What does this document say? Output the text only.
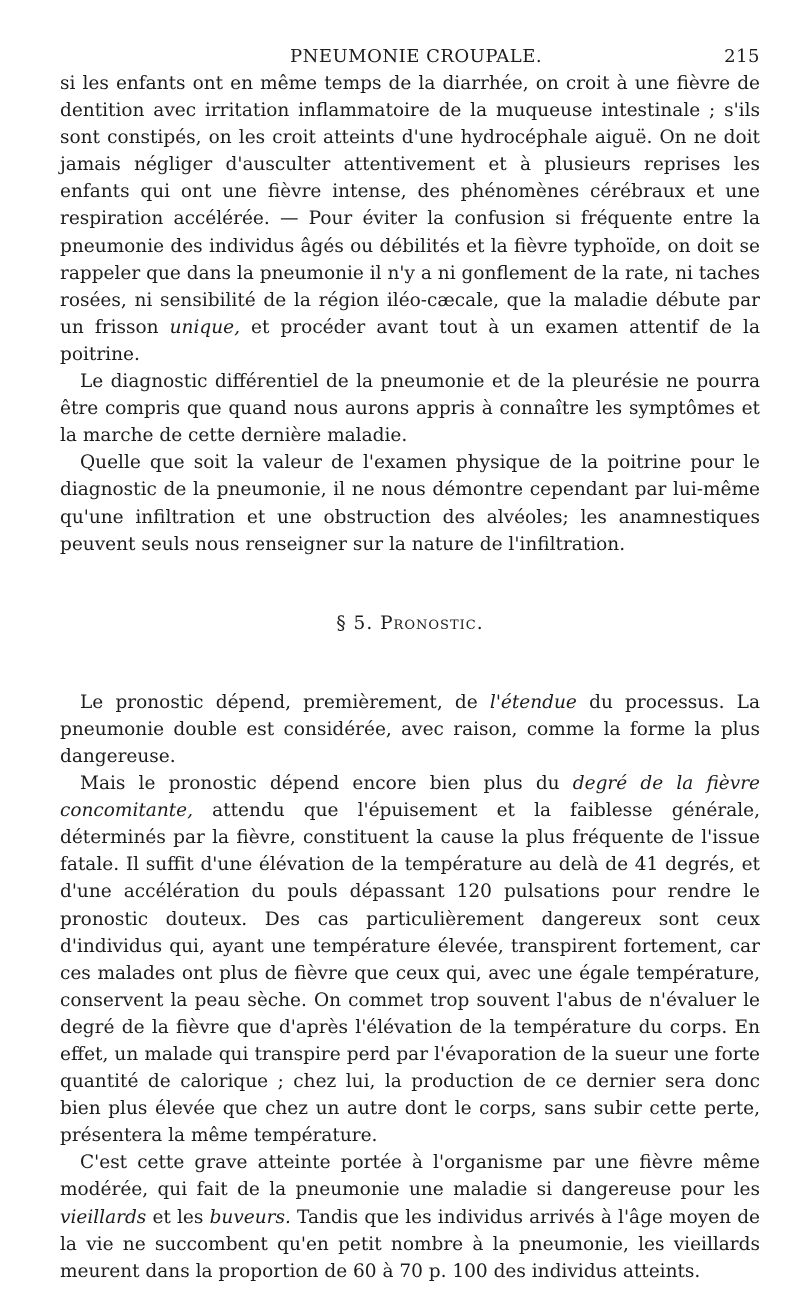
PNEUMONIE CROUPALE.	215

si les enfants ont en même temps de la diarrhée, on croit à une fièvre de dentition avec irritation inflammatoire de la muqueuse intestinale ; s'ils sont constipés, on les croit atteints d'une hydrocéphale aiguë. On ne doit jamais négliger d'ausculter attentivement et à plusieurs reprises les enfants qui ont une fièvre intense, des phénomènes cérébraux et une respiration accélérée. — Pour éviter la confusion si fréquente entre la pneumonie des individus âgés ou débilités et la fièvre typhoïde, on doit se rappeler que dans la pneumonie il n'y a ni gonflement de la rate, ni taches rosées, ni sensibilité de la région iléo-cæcale, que la maladie débute par un frisson unique, et procéder avant tout à un examen attentif de la poitrine.

Le diagnostic différentiel de la pneumonie et de la pleurésie ne pourra être compris que quand nous aurons appris à connaître les symptômes et la marche de cette dernière maladie.

Quelle que soit la valeur de l'examen physique de la poitrine pour le diagnostic de la pneumonie, il ne nous démontre cependant par lui-même qu'une infiltration et une obstruction des alvéoles; les anamnestiques peuvent seuls nous renseigner sur la nature de l'infiltration.

§ 5. Pronostic.

Le pronostic dépend, premièrement, de l'étendue du processus. La pneumonie double est considérée, avec raison, comme la forme la plus dangereuse.

Mais le pronostic dépend encore bien plus du degré de la fièvre concomitante, attendu que l'épuisement et la faiblesse générale, déterminés par la fièvre, constituent la cause la plus fréquente de l'issue fatale. Il suffit d'une élévation de la température au delà de 41 degrés, et d'une accélération du pouls dépassant 120 pulsations pour rendre le pronostic douteux. Des cas particulièrement dangereux sont ceux d'individus qui, ayant une température élevée, transpirent fortement, car ces malades ont plus de fièvre que ceux qui, avec une égale température, conservent la peau sèche. On commet trop souvent l'abus de n'évaluer le degré de la fièvre que d'après l'élévation de la température du corps. En effet, un malade qui transpire perd par l'évaporation de la sueur une forte quantité de calorique ; chez lui, la production de ce dernier sera donc bien plus élevée que chez un autre dont le corps, sans subir cette perte, présentera la même température.

C'est cette grave atteinte portée à l'organisme par une fièvre même modérée, qui fait de la pneumonie une maladie si dangereuse pour les vieillards et les buveurs. Tandis que les individus arrivés à l'âge moyen de la vie ne succombent qu'en petit nombre à la pneumonie, les vieillards meurent dans la proportion de 60 à 70 p. 100 des individus atteints.
